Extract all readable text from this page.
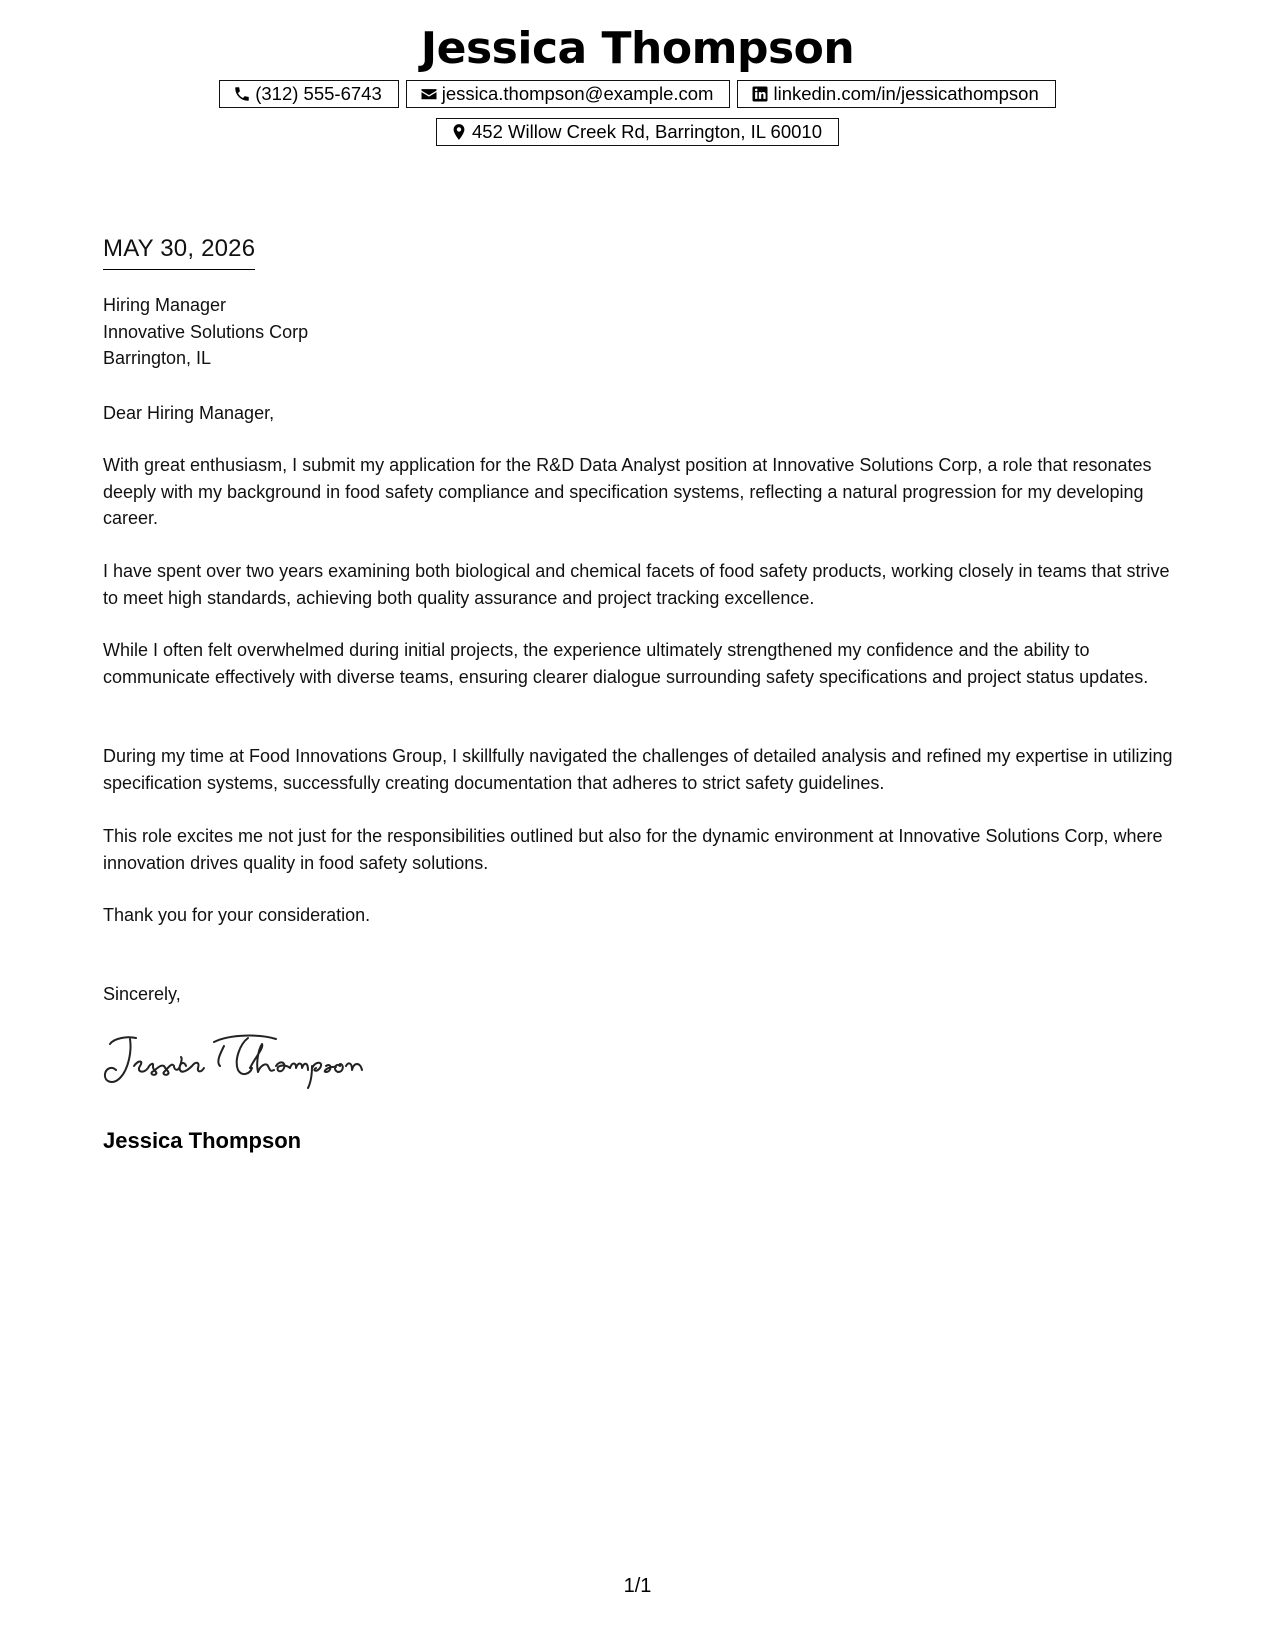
Jessica Thompson
(312) 555-6743	jessica.thompson@example.com	linkedin.com/in/jessicathompson
452 Willow Creek Rd, Barrington, IL 60010
MAY 30, 2026
Hiring Manager
Innovative Solutions Corp
Barrington, IL
Dear Hiring Manager,

With great enthusiasm, I submit my application for the R&D Data Analyst position at Innovative Solutions Corp, a role that resonates deeply with my background in food safety compliance and specification systems, reflecting a natural progression for my developing career.

I have spent over two years examining both biological and chemical facets of food safety products, working closely in teams that strive to meet high standards, achieving both quality assurance and project tracking excellence.

While I often felt overwhelmed during initial projects, the experience ultimately strengthened my confidence and the ability to communicate effectively with diverse teams, ensuring clearer dialogue surrounding safety specifications and project status updates.

During my time at Food Innovations Group, I skillfully navigated the challenges of detailed analysis and refined my expertise in utilizing specification systems, successfully creating documentation that adheres to strict safety guidelines.

This role excites me not just for the responsibilities outlined but also for the dynamic environment at Innovative Solutions Corp, where innovation drives quality in food safety solutions.

Thank you for your consideration.

Sincerely,
Jessica Thompson
1/1
